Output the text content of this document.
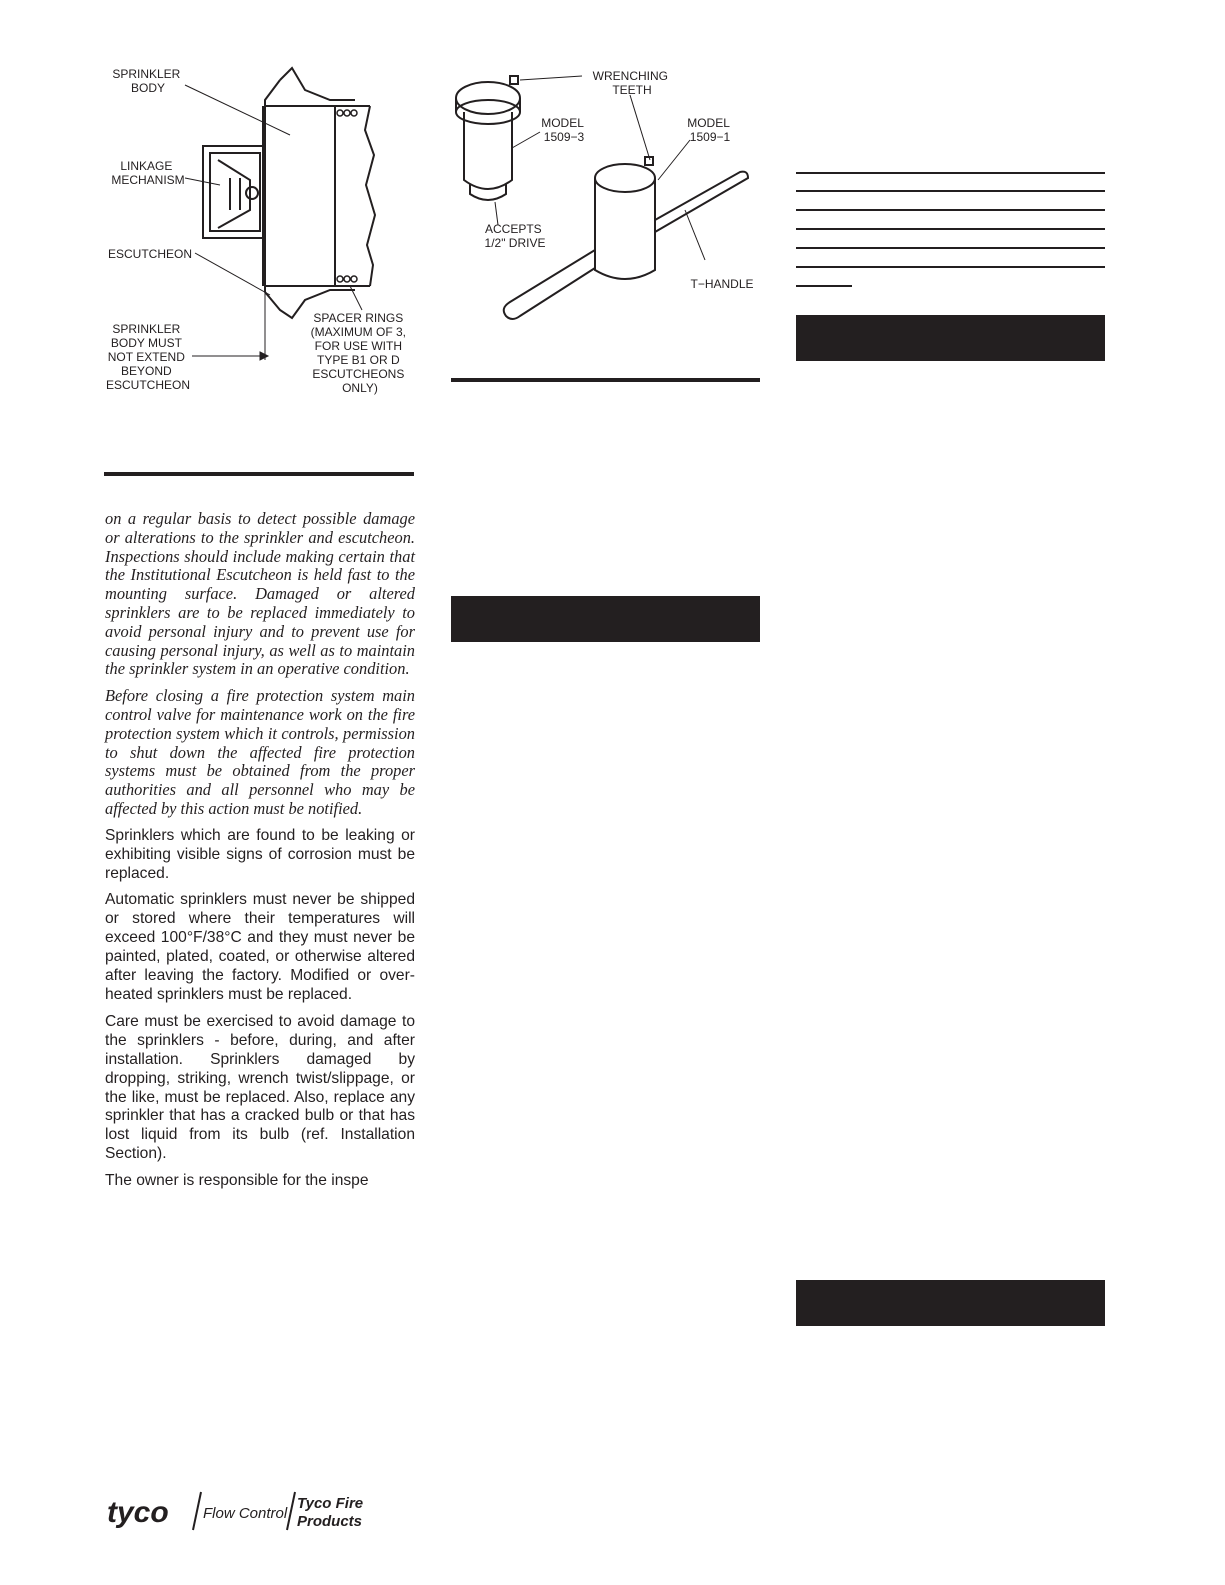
SPRINKLER BODY
LINKAGE MECHANISM
ESCUTCHEON
SPRINKLER BODY MUST NOT EXTEND BEYOND ESCUTCHEON
SPACER RINGS (MAXIMUM OF 3, FOR USE WITH TYPE B1 OR D ESCUTCHEONS ONLY)
WRENCHING TEETH
MODEL 1509−3
MODEL 1509−1
ACCEPTS 1/2" DRIVE
T−HANDLE

on a regular basis to detect possible damage or alterations to the sprinkler and escutcheon. Inspections should include making certain that the Institutional Escutcheon is held fast to the mounting surface. Damaged or altered sprinklers are to be replaced immediately to avoid personal injury and to prevent use for causing personal injury, as well as to maintain the sprinkler system in an operative condition.

Before closing a fire protection system main control valve for maintenance work on the fire protection system which it controls, permission to shut down the affected fire protection systems must be obtained from the proper authorities and all personnel who may be affected by this action must be notified.

Sprinklers which are found to be leaking or exhibiting visible signs of corrosion must be replaced.

Automatic sprinklers must never be shipped or stored where their temperatures will exceed 100°F/38°C and they must never be painted, plated, coated, or otherwise altered after leaving the factory. Modified or over-heated sprinklers must be replaced.

Care must be exercised to avoid damage to the sprinklers - before, during, and after installation. Sprinklers damaged by dropping, striking, wrench twist/slippage, or the like, must be replaced. Also, replace any sprinkler that has a cracked bulb or that has lost liquid from its bulb (ref. Installation Section).

The owner is responsible for the inspe

tyco Flow Control
Tyco Fire Products
